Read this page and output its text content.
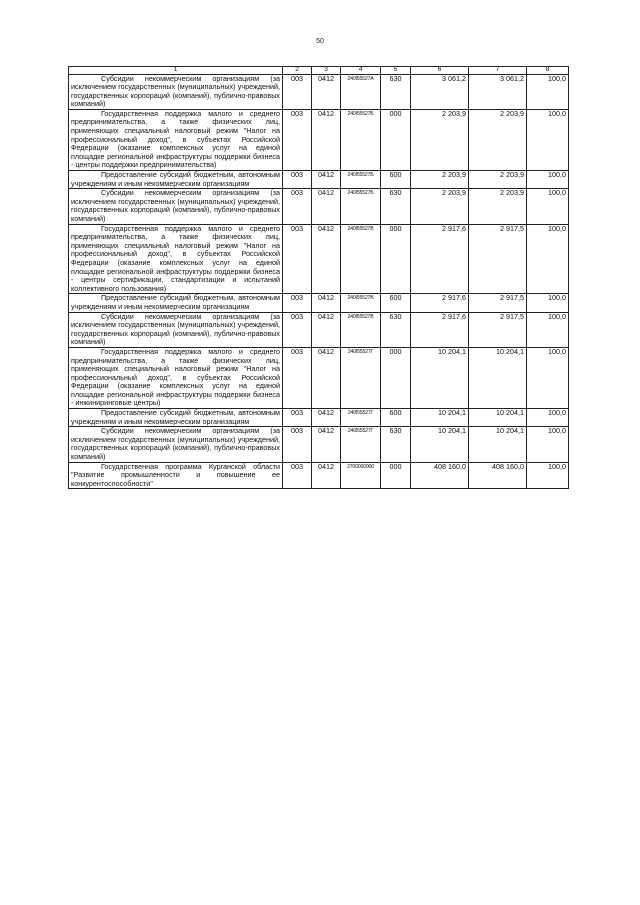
50
1	2	3	4	5	6	7	8
Субсидии некоммерческим организациям (за исключением государственных (муниципальных) учреждений, государственных корпораций (компаний), публично-правовых компаний)	003	0412	240I55527А	630	3 061,2	3 061,2	100,0
Государственная поддержка малого и среднего предпринимательства, а также физических лиц, применяющих специальный налоговый режим "Налог на профессиональный доход", в субъектах Российской Федерации (оказание комплексных услуг на единой площадке региональной инфраструктуры поддержки бизнеса - центры поддержки предпринимательства)	003	0412	240I55527Б	000	2 203,9	2 203,9	100,0
Предоставление субсидий бюджетным, автономным учреждениям и иным некоммерческим организациям	003	0412	240I55527Б	600	2 203,9	2 203,9	100,0
Субсидии некоммерческим организациям (за исключением государственных (муниципальных) учреждений, государственных корпораций (компаний), публично-правовых компаний)	003	0412	240I55527Б	630	2 203,9	2 203,9	100,0
Государственная поддержка малого и среднего предпринимательства, а также физических лиц, применяющих специальный налоговый режим "Налог на профессиональный доход", в субъектах Российской Федерации (оказание комплексных услуг на единой площадке региональной инфраструктуры поддержки бизнеса - центры сертификации, стандартизации и испытаний коллективного пользования)	003	0412	240I55527В	000	2 917,6	2 917,5	100,0
Предоставление субсидий бюджетным, автономным учреждениям и иным некоммерческим организациям	003	0412	240I55527В	600	2 917,6	2 917,5	100,0
Субсидии некоммерческим организациям (за исключением государственных (муниципальных) учреждений, государственных корпораций (компаний), публично-правовых компаний)	003	0412	240I55527В	630	2 917,6	2 917,5	100,0
Государственная поддержка малого и среднего предпринимательства, а также физических лиц, применяющих специальный налоговый режим "Налог на профессиональный доход", в субъектах Российской Федерации (оказание комплексных услуг на единой площадке региональной инфраструктуры поддержки бизнеса - инжиниринговые центры)	003	0412	240I55527Г	000	10 204,1	10 204,1	100,0
Предоставление субсидий бюджетным, автономным учреждениям и иным некоммерческим организациям	003	0412	240I55527Г	600	10 204,1	10 204,1	100,0
Субсидии некоммерческим организациям (за исключением государственных (муниципальных) учреждений, государственных корпораций (компаний), публично-правовых компаний)	003	0412	240I55527Г	630	10 204,1	10 204,1	100,0
Государственная программа Курганской области "Развитие промышленности и повышение ее конкурентоспособности"	003	0412	2700000000	000	408 160,0	408 160,0	100,0
